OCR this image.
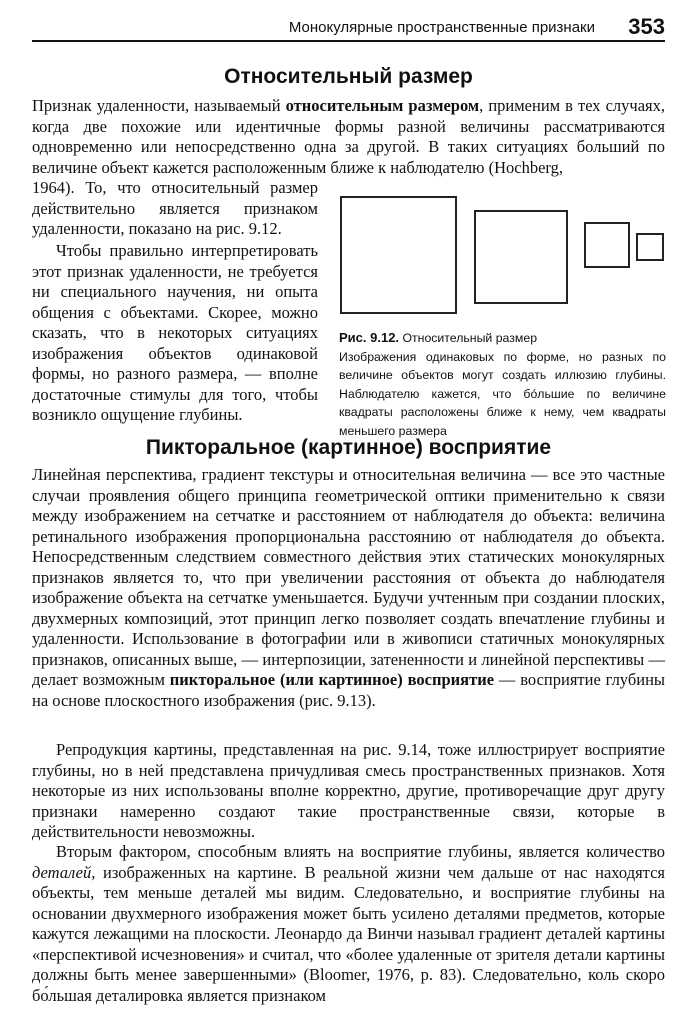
Монокулярные пространственные признаки 353
Относительный размер

Признак удаленности, называемый относительным размером, применим в тех случаях, когда две похожие или идентичные формы разной величины рассматриваются одновременно или непосредственно одна за другой. В таких ситуациях больший по величине объект кажется расположенным ближе к наблюдателю (Hochberg,

1964). То, что относительный размер действительно является признаком удаленности, показано на рис. 9.12.

Чтобы правильно интерпретировать этот признак удаленности, не требуется ни специального научения, ни опыта общения с объектами. Скорее, можно сказать, что в некоторых ситуациях изображения объектов одинаковой формы, но разного размера, — вполне достаточные стимулы для того, чтобы возникло ощущение глубины.

Рис. 9.12. Относительный размер
Изображения одинаковых по форме, но разных по величине объектов могут создать иллюзию глубины. Наблюдателю кажется, что бо́льшие по величине квадраты расположены ближе к нему, чем квадраты меньшего размера

Пикторальное (картинное) восприятие

Линейная перспектива, градиент текстуры и относительная величина — все это частные случаи проявления общего принципа геометрической оптики применительно к связи между изображением на сетчатке и расстоянием от наблюдателя до объекта: величина ретинального изображения пропорциональна расстоянию от наблюдателя до объекта. Непосредственным следствием совместного действия этих статических монокулярных признаков является то, что при увеличении расстояния от объекта до наблюдателя изображение объекта на сетчатке уменьшается. Будучи учтенным при создании плоских, двухмерных композиций, этот принцип легко позволяет создать впечатление глубины и удаленности. Использование в фотографии или в живописи статичных монокулярных признаков, описанных выше, — интерпозиции, затененности и линейной перспективы — делает возможным пикторальное (или картинное) восприятие — восприятие глубины на основе плоскостного изображения (рис. 9.13).

Репродукция картины, представленная на рис. 9.14, тоже иллюстрирует восприятие глубины, но в ней представлена причудливая смесь пространственных признаков. Хотя некоторые из них использованы вполне корректно, другие, противоречащие друг другу признаки намеренно создают такие пространственные связи, которые в действительности невозможны.

Вторым фактором, способным влиять на восприятие глубины, является количество деталей, изображенных на картине. В реальной жизни чем дальше от нас находятся объекты, тем меньше деталей мы видим. Следовательно, и восприятие глубины на основании двухмерного изображения может быть усилено деталями предметов, которые кажутся лежащими на плоскости. Леонардо да Винчи называл градиент деталей картины «перспективой исчезновения» и считал, что «более удаленные от зрителя детали картины должны быть менее завершенными» (Bloomer, 1976, p. 83). Следовательно, коль скоро бо́льшая деталировка является признаком
